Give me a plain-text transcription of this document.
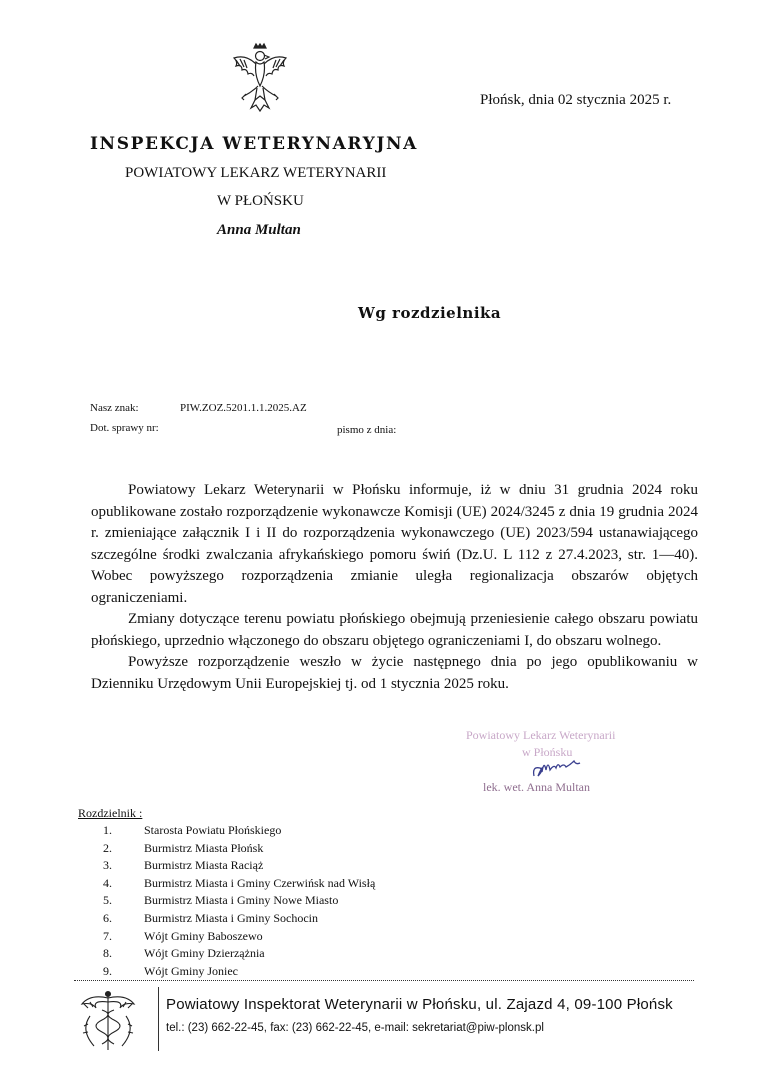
Płońsk, dnia 02 stycznia 2025 r.
INSPEKCJA WETERYNARYJNA
POWIATOWY LEKARZ WETERYNARII
W PŁOŃSKU
Anna Multan
Wg rozdzielnika
Nasz znak:	PIW.ZOZ.5201.1.1.2025.AZ
Dot. sprawy nr:	pismo z dnia:

Powiatowy Lekarz Weterynarii w Płońsku informuje, iż w dniu 31 grudnia 2024 roku opublikowane zostało rozporządzenie wykonawcze Komisji (UE) 2024/3245 z dnia 19 grudnia 2024 r. zmieniające załącznik I i II do rozporządzenia wykonawczego (UE) 2023/594 ustanawiającego szczególne środki zwalczania afrykańskiego pomoru świń (Dz.U. L 112 z 27.4.2023, str. 1—40). Wobec powyższego rozporządzenia zmianie uległa regionalizacja obszarów objętych ograniczeniami.

Zmiany dotyczące terenu powiatu płońskiego obejmują przeniesienie całego obszaru powiatu płońskiego, uprzednio włączonego do obszaru objętego ograniczeniami I, do obszaru wolnego.

Powyższe rozporządzenie weszło w życie następnego dnia po jego opublikowaniu w Dzienniku Urzędowym Unii Europejskiej tj. od 1 stycznia 2025 roku.

Powiatowy Lekarz Weterynarii
w Płońsku
lek. wet. Anna Multan
Rozdzielnik :
1.	Starosta Powiatu Płońskiego
2.	Burmistrz Miasta Płońsk
3.	Burmistrz Miasta Raciąż
4.	Burmistrz Miasta i Gminy Czerwińsk nad Wisłą
5.	Burmistrz Miasta i Gminy Nowe Miasto
6.	Burmistrz Miasta i Gminy Sochocin
7.	Wójt Gminy Baboszewo
8.	Wójt Gminy Dzierzążnia
9.	Wójt Gminy Joniec
Powiatowy Inspektorat Weterynarii w Płońsku, ul. Zajazd 4, 09-100 Płońsk
tel.: (23) 662-22-45, fax: (23) 662-22-45, e-mail: sekretariat@piw-plonsk.pl
